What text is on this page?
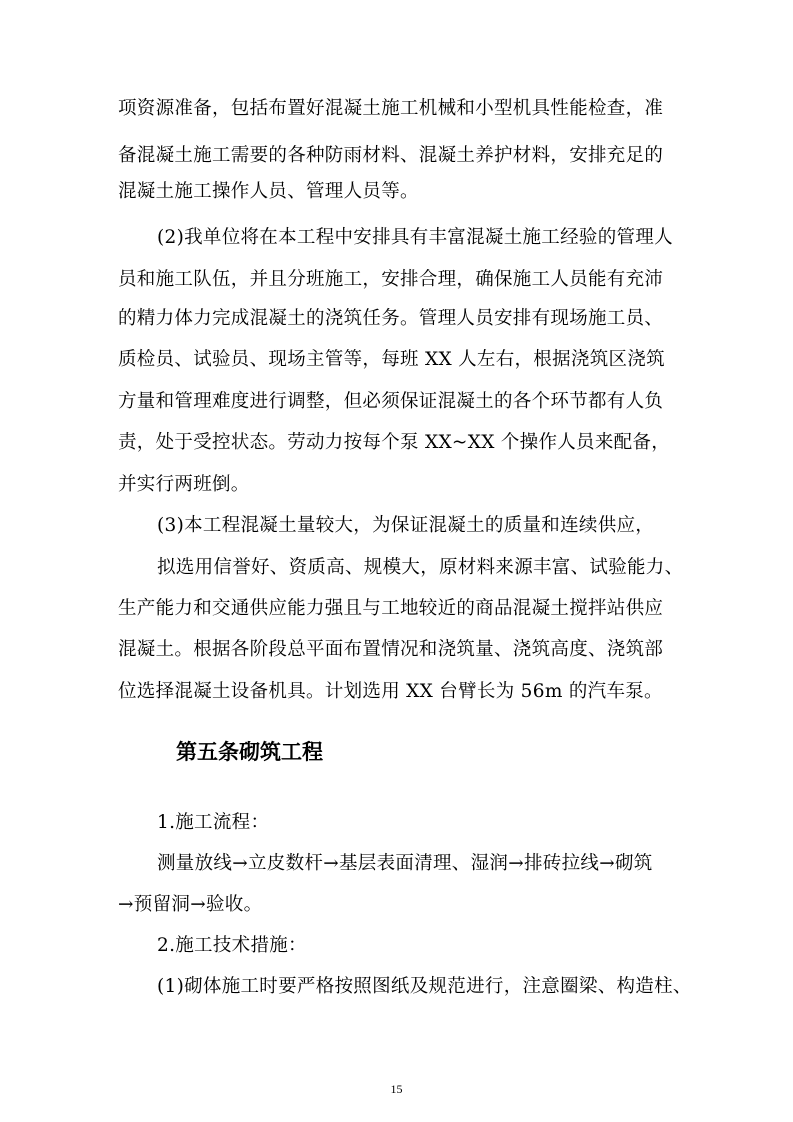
项资源准备，包括布置好混凝土施工机械和小型机具性能检查，准
备混凝土施工需要的各种防雨材料、混凝土养护材料，安排充足的
混凝土施工操作人员、管理人员等。
(2)我单位将在本工程中安排具有丰富混凝土施工经验的管理人
员和施工队伍，并且分班施工，安排合理，确保施工人员能有充沛
的精力体力完成混凝土的浇筑任务。管理人员安排有现场施工员、
质检员、试验员、现场主管等，每班 XX 人左右，根据浇筑区浇筑
方量和管理难度进行调整，但必须保证混凝土的各个环节都有人负
责，处于受控状态。劳动力按每个泵 XX~XX 个操作人员来配备，
并实行两班倒。
(3)本工程混凝土量较大，为保证混凝土的质量和连续供应，
拟选用信誉好、资质高、规模大，原材料来源丰富、试验能力、
生产能力和交通供应能力强且与工地较近的商品混凝土搅拌站供应
混凝土。根据各阶段总平面布置情况和浇筑量、浇筑高度、浇筑部
位选择混凝土设备机具。计划选用 XX 台臂长为 56m 的汽车泵。
第五条砌筑工程
1.施工流程：
测量放线→立皮数杆→基层表面清理、湿润→排砖拉线→砌筑
→预留洞→验收。
2.施工技术措施：
(1)砌体施工时要严格按照图纸及规范进行，注意圈梁、构造柱、
15
